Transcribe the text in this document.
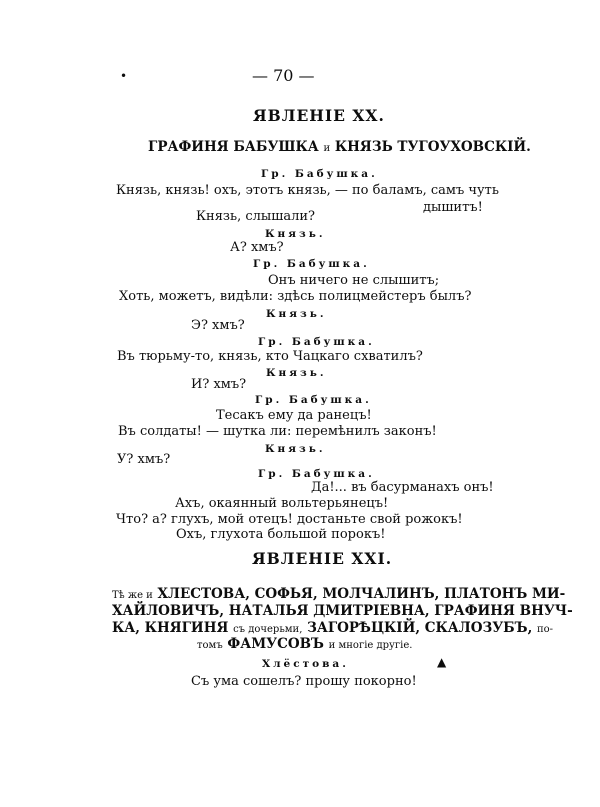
•
▲
— 70 —
ЯВЛЕНIЕ XX.
ГРАФИНЯ БАБУШКА и КНЯЗЬ ТУГОУХОВСКIЙ.
Гр. Бабушка.
Князь, князь! охъ, этотъ князь, — по баламъ, самъ чуть
дышитъ!
Князь, слышали?
Князь.
А? хмъ?
Гр. Бабушка.
Онъ ничего не слышитъ;
Хоть, можетъ, видѣли: здѣсь полицмейстеръ былъ?
Князь.
Э? хмъ?
Гр. Бабушка.
Въ тюрьму-то, князь, кто Чацкаго схватилъ?
Князь.
И? хмъ?
Гр. Бабушка.
Тесакъ ему да ранецъ!
Въ солдаты! — шутка ли: перемѣнилъ законъ!
Князь.
У? хмъ?
Гр. Бабушка.
Да!... въ басурманахъ онъ!
Ахъ, окаянный вольтерьянецъ!
Что? а? глухъ, мой отецъ! достаньте свой рожокъ!
Охъ, глухота большой порокъ!
ЯВЛЕНIЕ XXI.
Тѣ же и ХЛЕСТОВА, СОФЬЯ, МОЛЧАЛИНЪ, ПЛАТОНЪ МИ-
ХАЙЛОВИЧЪ, НАТАЛЬЯ ДМИТРIЕВНА, ГРАФИНЯ ВНУЧ-
КА, КНЯГИНЯ съ дочерьми, ЗАГОРѢЦКIЙ, СКАЛОЗУБЪ, по-
томъ ФАМУСОВЪ и многiе другiе.
Хлёстова.
Съ ума сошелъ? прошу покорно!
